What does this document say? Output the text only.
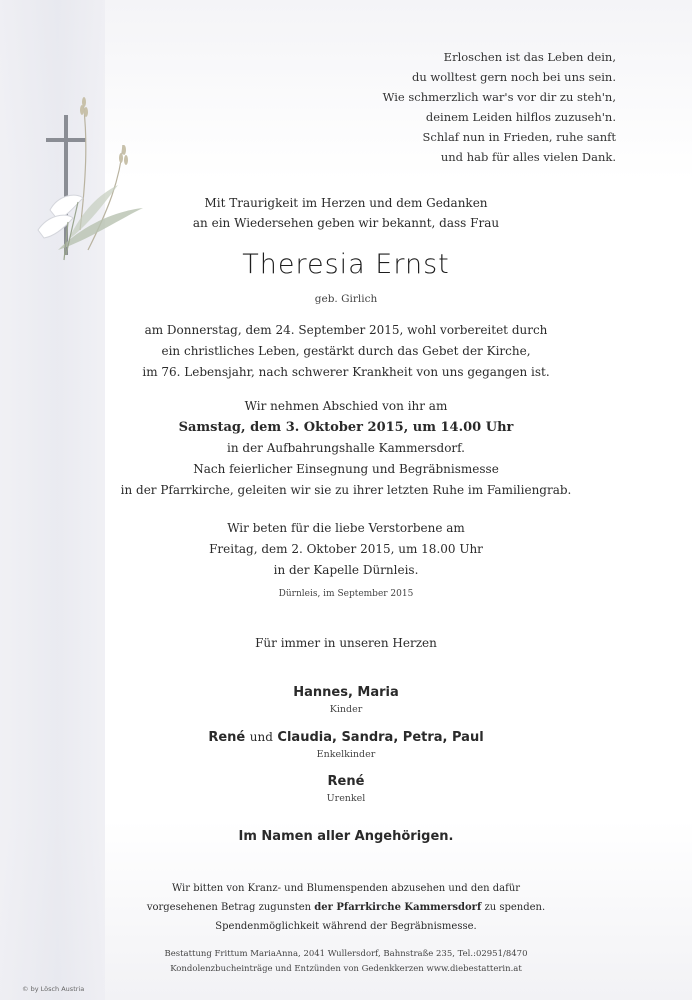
Erloschen ist das Leben dein,
du wolltest gern noch bei uns sein.
Wie schmerzlich war's vor dir zu steh'n,
deinem Leiden hilflos zuzuseh'n.
Schlaf nun in Frieden, ruhe sanft
und hab für alles vielen Dank.
Mit Traurigkeit im Herzen und dem Gedanken
an ein Wiedersehen geben wir bekannt, dass Frau
Theresia Ernst
geb. Girlich
am Donnerstag, dem 24. September 2015, wohl vorbereitet durch
ein christliches Leben, gestärkt durch das Gebet der Kirche,
im 76. Lebensjahr, nach schwerer Krankheit von uns gegangen ist.
Wir nehmen Abschied von ihr am
Samstag, dem 3. Oktober 2015, um 14.00 Uhr
in der Aufbahrungshalle Kammersdorf.
Nach feierlicher Einsegnung und Begräbnismesse
in der Pfarrkirche, geleiten wir sie zu ihrer letzten Ruhe im Familiengrab.
Wir beten für die liebe Verstorbene am
Freitag, dem 2. Oktober 2015, um 18.00 Uhr
in der Kapelle Dürnleis.
Dürnleis, im September 2015
Für immer in unseren Herzen
Hannes, Maria
Kinder
René und Claudia, Sandra, Petra, Paul
Enkelkinder
René
Urenkel
Im Namen aller Angehörigen.
Wir bitten von Kranz- und Blumenspenden abzusehen und den dafür
vorgesehenen Betrag zugunsten der Pfarrkirche Kammersdorf zu spenden.
Spendenmöglichkeit während der Begräbnismesse.
Bestattung Frittum MariaAnna, 2041 Wullersdorf, Bahnstraße 235, Tel.:02951/8470
Kondolenzbucheinträge und Entzünden von Gedenkkerzen www.diebestatterin.at
© by Lösch Austria
